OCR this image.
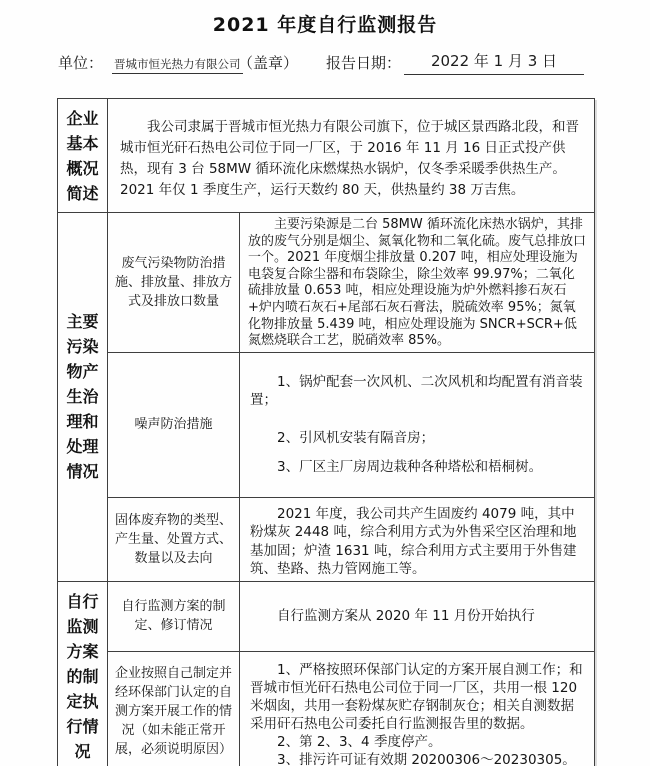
2021 年度自行监测报告
单位： 晋城市恒光热力有限公司
（盖章） 报告日期：	2022 年 1 月 3 日
企业基本概况简述	我公司隶属于晋城市恒光热力有限公司旗下，位于城区景西路北段，和晋城市恒光矸石热电公司位于同一厂区，于 2016 年 11 月 16 日正式投产供热，现有 3 台 58MW 循环流化床燃煤热水锅炉，仅冬季采暖季供热生产。2021 年仅 1 季度生产，运行天数约 80 天，供热量约 38 万吉焦。	

主要污染物产生治理和处理情况	废气污染物防治措施、排放量、排放方式及排放口数量	主要污染源是二台 58MW 循环流化床热水锅炉，其排放的废气分别是烟尘、氮氧化物和二氧化硫。废气总排放口一个。2021 年度烟尘排放量 0.207 吨，相应处理设施为电袋复合除尘器和布袋除尘，除尘效率 99.97%；二氧化硫排放量 0.653 吨，相应处理设施为炉外燃料掺石灰石+炉内喷石灰石+尾部石灰石膏法，脱硫效率 95%；氮氧化物排放量 5.439 吨，相应处理设施为 SNCR+SCR+低氮燃烧联合工艺，脱硝效率 85%。

	噪声防治措施	1、锅炉配套一次风机、二次风机和均配置有消音装置；

2、引风机安装有隔音房；

3、厂区主厂房周边栽种各种塔松和梧桐树。

	固体废弃物的类型、产生量、处置方式、数量以及去向	2021 年度，我公司共产生固废约 4079 吨，其中粉煤灰 2448 吨，综合利用方式为外售采空区治理和地基加固；炉渣 1631 吨，综合利用方式主要用于外售建筑、垫路、热力管网施工等。

自行监测方案的制定执行情况	自行监测方案的制定、修订情况	自行监测方案从 2020 年 11 月份开始执行

	企业按照自己制定并经环保部门认定的自测方案开展工作的情况（如未能正常开展，必须说明原因）	1、严格按照环保部门认定的方案开展自测工作；和晋城市恒光矸石热电公司位于同一厂区，共用一根 120 米烟囱，共用一套粉煤灰贮存钢制灰仓；相关自测数据采用矸石热电公司委托自行监测报告里的数据。

2、第 2、3、4 季度停产。

3、排污许可证有效期 20200306～20230305。
